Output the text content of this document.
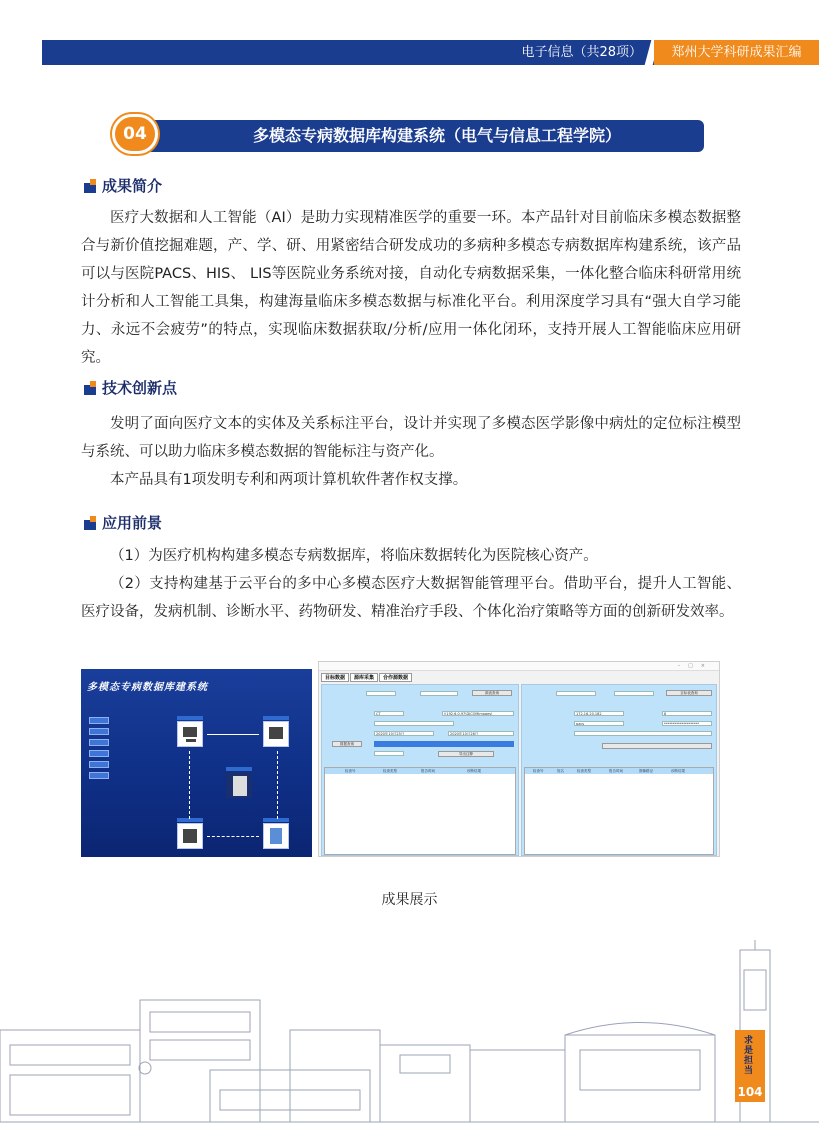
电子信息（共28项）	郑州大学科研成果汇编
多模态专病数据库构建系统（电气与信息工程学院）
04
成果简介

医疗大数据和人工智能（AI）是助力实现精准医学的重要一环。本产品针对目前临床多模态数据整合与新价值挖掘难题，产、学、研、用紧密结合研发成功的多病种多模态专病数据库构建系统，该产品可以与医院PACS、HIS、 LIS等医院业务系统对接，自动化专病数据采集，一体化整合临床科研常用统计分析和人工智能工具集，构建海量临床多模态数据与标准化平台。利用深度学习具有“强大自学习能力、永远不会疲劳”的特点，实现临床数据获取/分析/应用一体化闭环，支持开展人工智能临床应用研究。

技术创新点

发明了面向医疗文本的实体及关系标注平台，设计并实现了多模态医学影像中病灶的定位标注模型与系统、可以助力临床多模态数据的智能标注与资产化。

本产品具有1项发明专利和两项计算机软件著作权支撑。

应用前景

（1）为医疗机构构建多模态专病数据库，将临床数据转化为医院核心资产。

（2）支持构建基于云平台的多中心多模态医疗大数据智能管理平台。借助平台，提升人工智能、医疗设备，发病机制、诊断水平、药物研发、精准治疗手段、个体化治疗策略等方面的创新研发效率。

多模态专病数据库建系统
–□×
目标数据	源库采集	合作源数据
源表查询
CT	\\192.6.0.97\DICOMimages\
2020年10月25日	2020年10月26日
数据查询
导出注释
检查号	检查类型	报告时间	诊断结果
目标表查询
172.16.20.182	8
pacs	********************
检查号	姓名	检查类型	报告时间	图像路径	诊断结果
成果展示
求是担当
104
